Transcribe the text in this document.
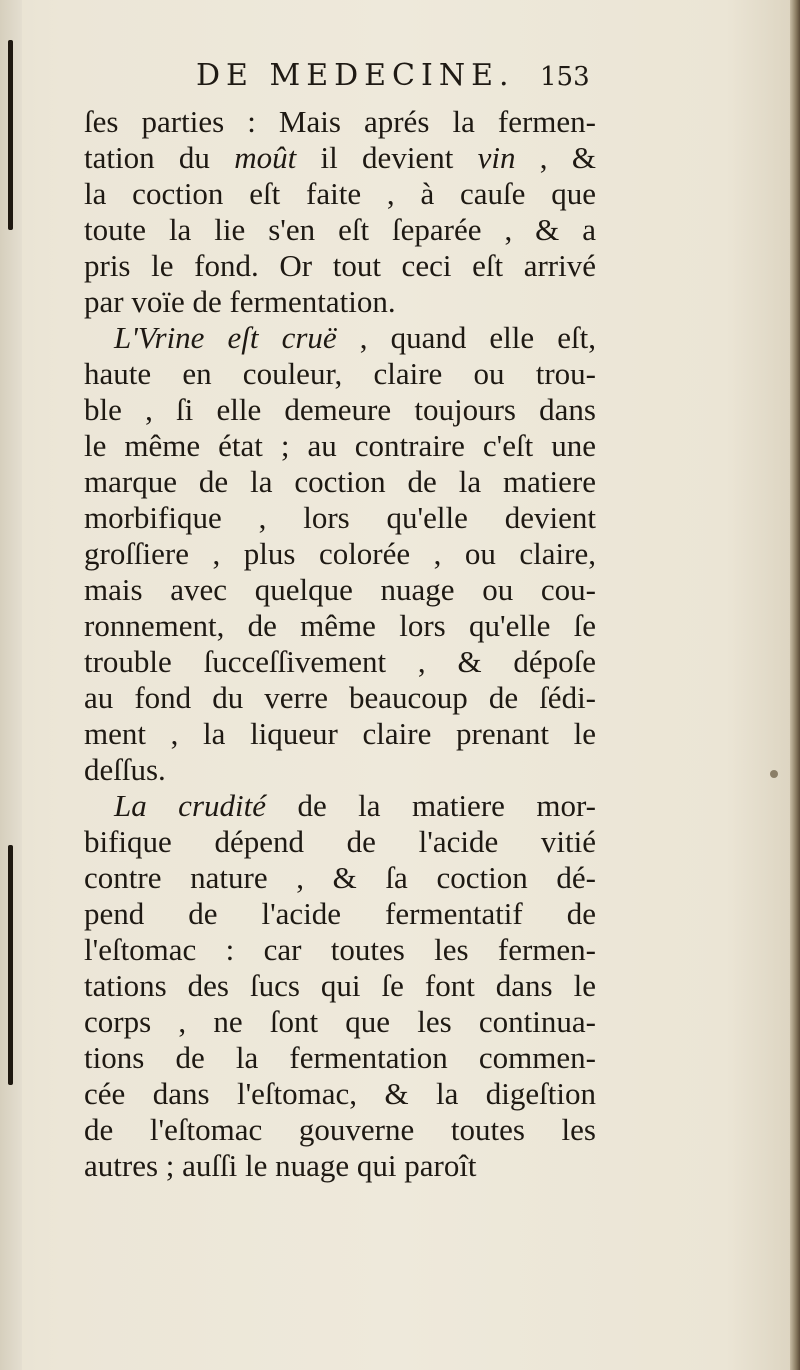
DE MEDECINE. 153
ſes parties : Mais aprés la fermen-
tation du moût il devient vin , &
la coction eſt faite , à cauſe que
toute la lie s'en eſt ſeparée , & a
pris le fond. Or tout ceci eſt arrivé
par voïe de fermentation.
L'Vrine eſt cruë , quand elle eſt,
haute en couleur, claire ou trou-
ble , ſi elle demeure toujours dans
le même état ; au contraire c'eſt une
marque de la coction de la matiere
morbifique , lors qu'elle devient
groſſiere , plus colorée , ou claire,
mais avec quelque nuage ou cou-
ronnement, de même lors qu'elle ſe
trouble ſucceſſivement , & dépoſe
au fond du verre beaucoup de ſédi-
ment , la liqueur claire prenant le
deſſus.
La crudité de la matiere mor-
bifique dépend de l'acide vitié
contre nature , & ſa coction dé-
pend de l'acide fermentatif de
l'eſtomac : car toutes les fermen-
tations des ſucs qui ſe font dans le
corps , ne ſont que les continua-
tions de la fermentation commen-
cée dans l'eſtomac, & la digeſtion
de l'eſtomac gouverne toutes les
autres ; auſſi le nuage qui paroît
